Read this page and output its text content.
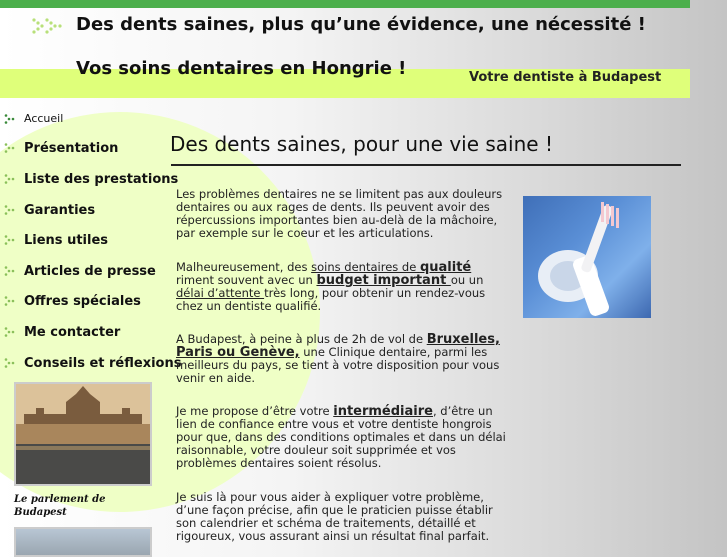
Des dents saines, plus qu’une évidence, une nécessité !
Vos soins dentaires en Hongrie !	Votre dentiste à Budapest
Accueil
Présentation
Liste des prestations
Garanties
Liens utiles
Articles de presse
Offres spéciales
Me contacter
Conseils et réflexions
Le parlement de
Budapest
Des dents saines, pour une vie saine !
Les problèmes dentaires ne se limitent pas aux douleurs dentaires ou aux rages de dents. Ils peuvent avoir des répercussions importantes bien au-delà de la mâchoire, par exemple sur le coeur et les articulations.
Malheureusement, des soins dentaires de qualité riment souvent avec un budget important ou un délai d’attente très long, pour obtenir un rendez-vous chez un dentiste qualifié.
A Budapest, à peine à plus de 2h de vol de Bruxelles, Paris ou Genève, une Clinique dentaire, parmi les meilleurs du pays, se tient à votre disposition pour vous venir en aide.
Je me propose d’être votre intermédiaire, d’être un lien de confiance entre vous et votre dentiste hongrois pour que, dans des conditions optimales et dans un délai raisonnable, votre douleur soit supprimée et vos problèmes dentaires soient résolus.
Je suis là pour vous aider à expliquer votre problème, d’une façon précise, afin que le praticien puisse établir son calendrier et schéma de traitements, détaillé et rigoureux, vous assurant ainsi un résultat final parfait.
